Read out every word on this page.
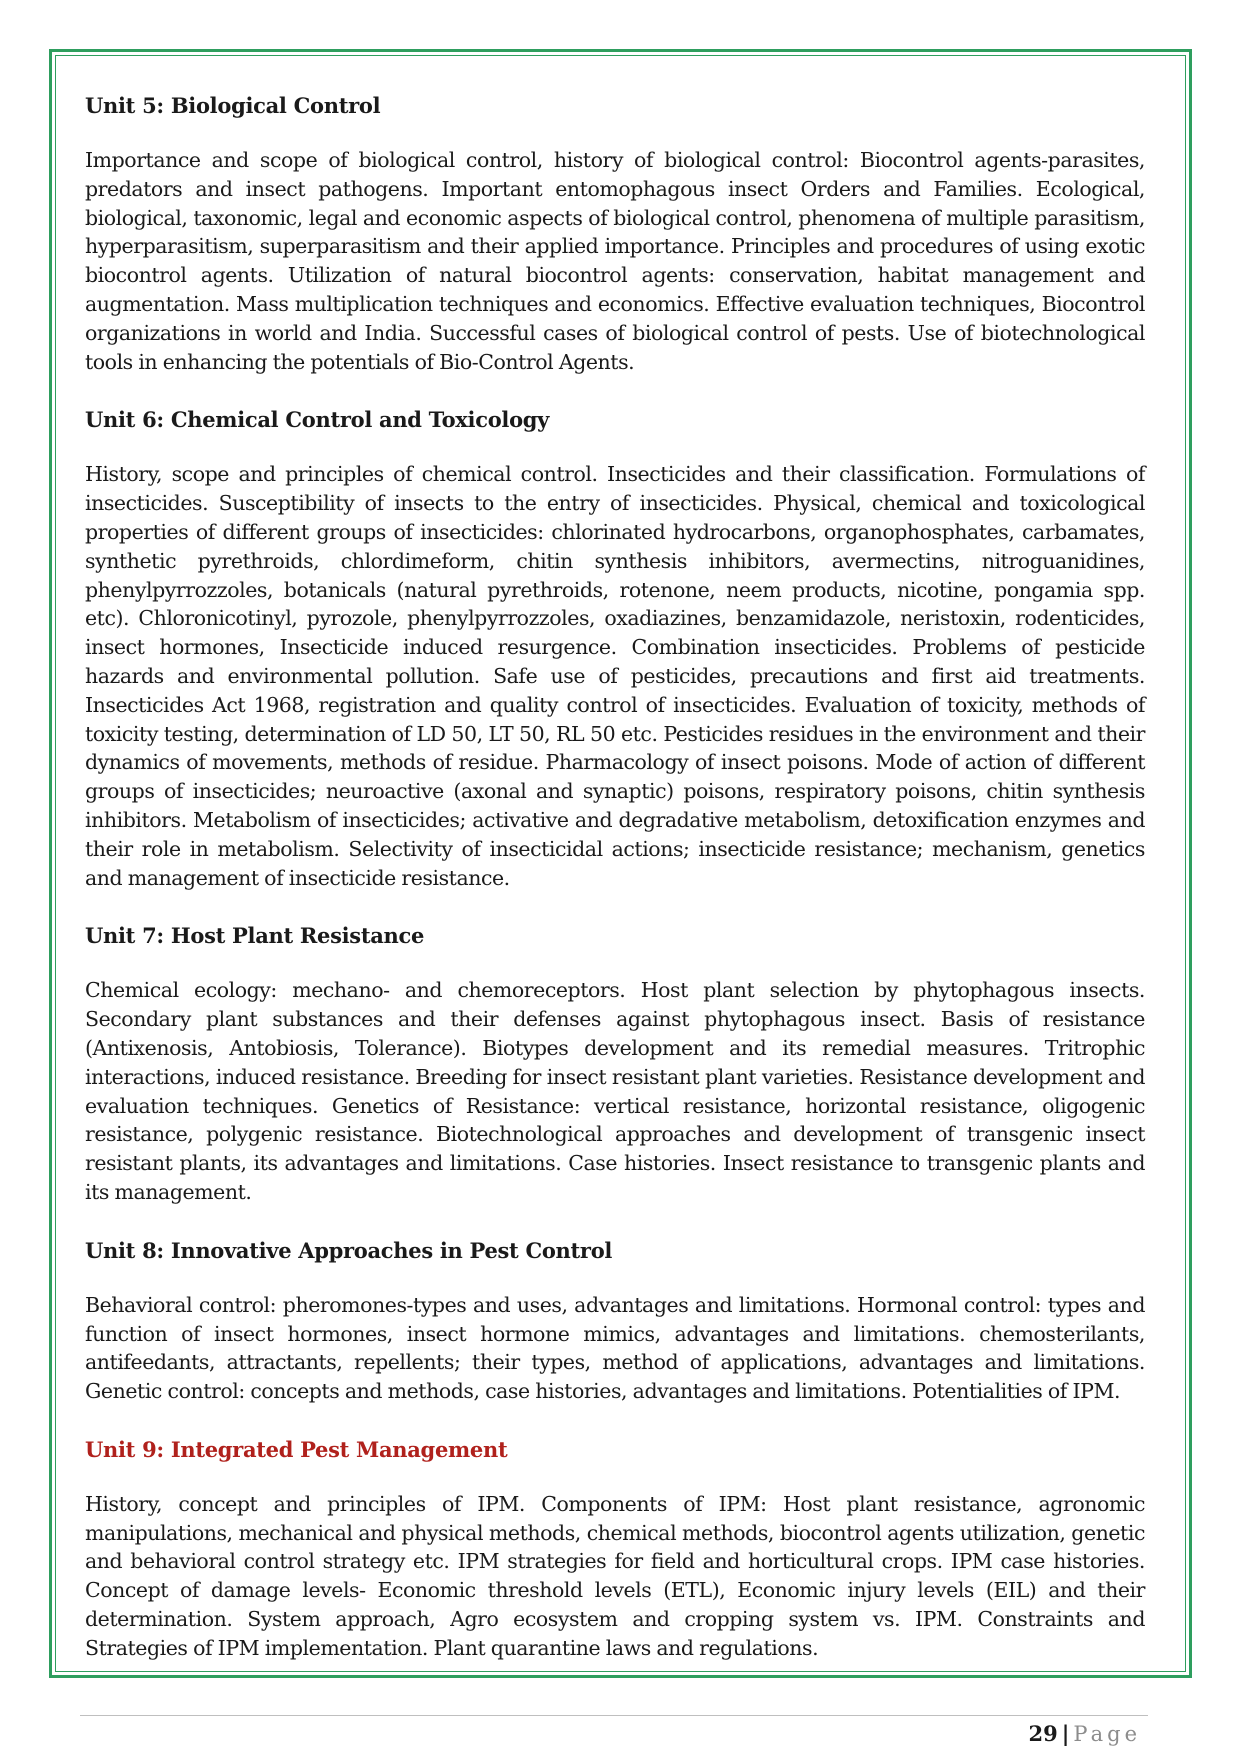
Unit 5: Biological Control

Importance and scope of biological control, history of biological control: Biocontrol agents-parasites, predators and insect pathogens. Important entomophagous insect Orders and Families. Ecological, biological, taxonomic, legal and economic aspects of biological control, phenomena of multiple parasitism, hyperparasitism, superparasitism and their applied importance. Principles and procedures of using exotic biocontrol agents. Utilization of natural biocontrol agents: conservation, habitat management and augmentation. Mass multiplication techniques and economics. Effective evaluation techniques, Biocontrol organizations in world and India. Successful cases of biological control of pests. Use of biotechnological tools in enhancing the potentials of Bio-Control Agents.

Unit 6: Chemical Control and Toxicology

History, scope and principles of chemical control. Insecticides and their classification. Formulations of insecticides. Susceptibility of insects to the entry of insecticides. Physical, chemical and toxicological properties of different groups of insecticides: chlorinated hydrocarbons, organophosphates, carbamates, synthetic pyrethroids, chlordimeform, chitin synthesis inhibitors, avermectins, nitroguanidines, phenylpyrrozzoles, botanicals (natural pyrethroids, rotenone, neem products, nicotine, pongamia spp. etc). Chloronicotinyl, pyrozole, phenylpyrrozzoles, oxadiazines, benzamidazole, neristoxin, rodenticides, insect hormones, Insecticide induced resurgence. Combination insecticides. Problems of pesticide hazards and environmental pollution. Safe use of pesticides, precautions and first aid treatments. Insecticides Act 1968, registration and quality control of insecticides. Evaluation of toxicity, methods of toxicity testing, determination of LD 50, LT 50, RL 50 etc. Pesticides residues in the environment and their dynamics of movements, methods of residue. Pharmacology of insect poisons. Mode of action of different groups of insecticides; neuroactive (axonal and synaptic) poisons, respiratory poisons, chitin synthesis inhibitors. Metabolism of insecticides; activative and degradative metabolism, detoxification enzymes and their role in metabolism. Selectivity of insecticidal actions; insecticide resistance; mechanism, genetics and management of insecticide resistance.

Unit 7: Host Plant Resistance

Chemical ecology: mechano- and chemoreceptors. Host plant selection by phytophagous insects. Secondary plant substances and their defenses against phytophagous insect. Basis of resistance (Antixenosis, Antobiosis, Tolerance). Biotypes development and its remedial measures. Tritrophic interactions, induced resistance. Breeding for insect resistant plant varieties. Resistance development and evaluation techniques. Genetics of Resistance: vertical resistance, horizontal resistance, oligogenic resistance, polygenic resistance. Biotechnological approaches and development of transgenic insect resistant plants, its advantages and limitations. Case histories. Insect resistance to transgenic plants and its management.

Unit 8: Innovative Approaches in Pest Control

Behavioral control: pheromones-types and uses, advantages and limitations. Hormonal control: types and function of insect hormones, insect hormone mimics, advantages and limitations. chemosterilants, antifeedants, attractants, repellents; their types, method of applications, advantages and limitations. Genetic control: concepts and methods, case histories, advantages and limitations. Potentialities of IPM.

Unit 9: Integrated Pest Management

History, concept and principles of IPM. Components of IPM: Host plant resistance, agronomic manipulations, mechanical and physical methods, chemical methods, biocontrol agents utilization, genetic and behavioral control strategy etc. IPM strategies for field and horticultural crops. IPM case histories. Concept of damage levels- Economic threshold levels (ETL), Economic injury levels (EIL) and their determination. System approach, Agro ecosystem and cropping system vs. IPM. Constraints and Strategies of IPM implementation. Plant quarantine laws and regulations.

29 | Page
